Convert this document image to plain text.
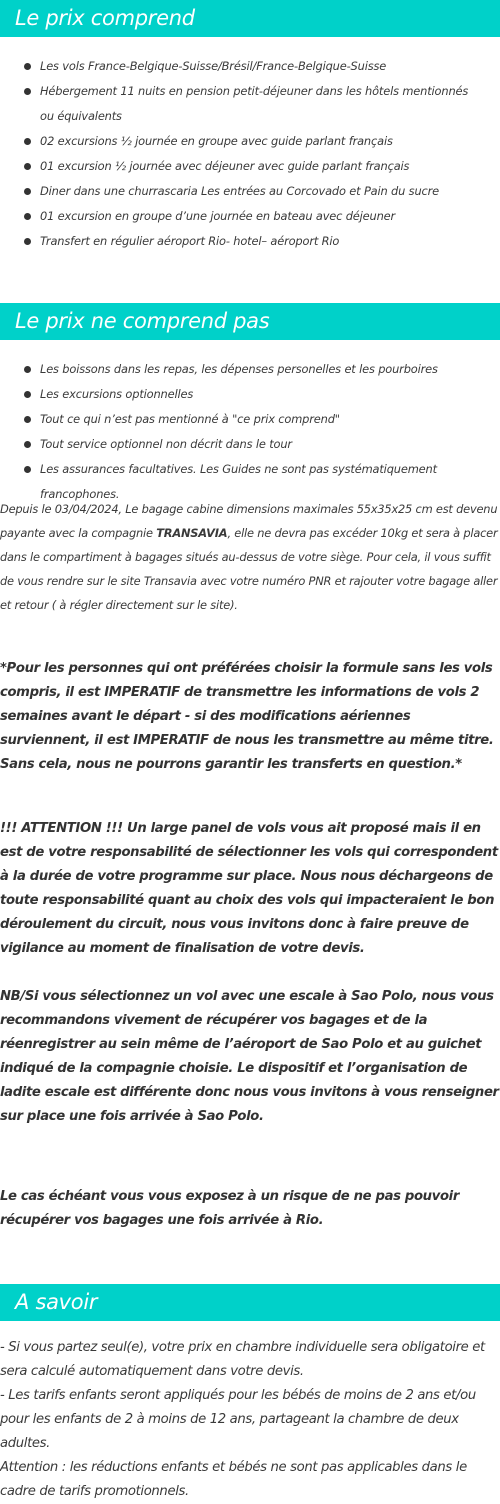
Le prix comprend
Les vols France-Belgique-Suisse/Brésil/France-Belgique-Suisse
Hébergement 11 nuits en pension petit-déjeuner dans les hôtels mentionnés ou équivalents
02 excursions ½ journée en groupe avec guide parlant français
01 excursion ½ journée avec déjeuner avec guide parlant français
Diner dans une churrascaria Les entrées au Corcovado et Pain du sucre
01 excursion en groupe d’une journée en bateau avec déjeuner
Transfert en régulier aéroport Rio- hotel– aéroport Rio
Le prix ne comprend pas
Les boissons dans les repas, les dépenses personelles et les pourboires
Les excursions optionnelles
Tout ce qui n’est pas mentionné à "ce prix comprend"
Tout service optionnel non décrit dans le tour
Les assurances facultatives. Les Guides ne sont pas systématiquement francophones.

Depuis le 03/04/2024, Le bagage cabine dimensions maximales 55x35x25 cm est devenu payante avec la compagnie TRANSAVIA, elle ne devra pas excéder 10kg et sera à placer dans le compartiment à bagages situés au-dessus de votre siège. Pour cela, il vous suffit de vous rendre sur le site Transavia avec votre numéro PNR et rajouter votre bagage aller et retour ( à régler directement sur le site).

*Pour les personnes qui ont préférées choisir la formule sans les vols compris, il est IMPERATIF de transmettre les informations de vols 2 semaines avant le départ - si des modifications aériennes surviennent, il est IMPERATIF de nous les transmettre au même titre. Sans cela, nous ne pourrons garantir les transferts en question.*

!!! ATTENTION !!! Un large panel de vols vous ait proposé mais il en est de votre responsabilité de sélectionner les vols qui correspondent à la durée de votre programme sur place. Nous nous déchargeons de toute responsabilité quant au choix des vols qui impacteraient le bon déroulement du circuit, nous vous invitons donc à faire preuve de vigilance au moment de finalisation de votre devis.

NB/Si vous sélectionnez un vol avec une escale à Sao Polo, nous vous recommandons vivement de récupérer vos bagages et de la réenregistrer au sein même de l’aéroport de Sao Polo et au guichet indiqué de la compagnie choisie. Le dispositif et l’organisation de ladite escale est différente donc nous vous invitons à vous renseigner sur place une fois arrivée à Sao Polo.

Le cas échéant vous vous exposez à un risque de ne pas pouvoir récupérer vos bagages une fois arrivée à Rio.

A savoir
- Si vous partez seul(e), votre prix en chambre individuelle sera obligatoire et sera calculé automatiquement dans votre devis.
- Les tarifs enfants seront appliqués pour les bébés de moins de 2 ans et/ou pour les enfants de 2 à moins de 12 ans, partageant la chambre de deux adultes.
Attention : les réductions enfants et bébés ne sont pas applicables dans le cadre de tarifs promotionnels.
